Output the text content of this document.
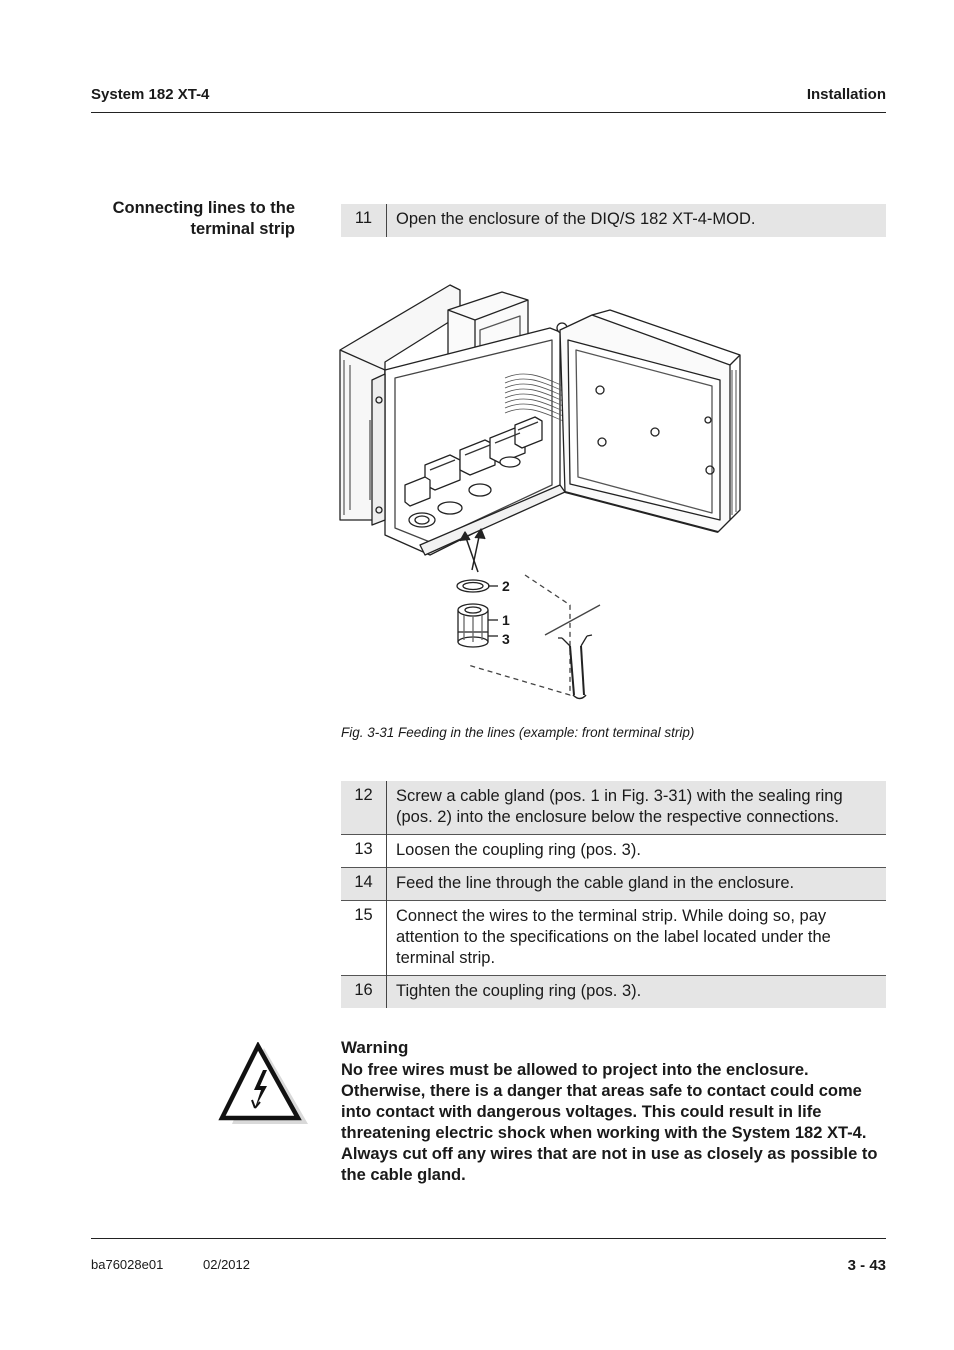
System 182 XT-4	Installation
Connecting lines to the
terminal strip
11	Open the enclosure of the DIQ/S 182 XT-4-MOD.
2
1
3
Fig. 3-31 Feeding in the lines (example: front terminal strip)
12	Screw a cable gland (pos. 1 in Fig. 3-31) with the sealing ring (pos. 2) into the enclosure below the respective connections.
13	Loosen the coupling ring (pos. 3).
14	Feed the line through the cable gland in the enclosure.
15	Connect the wires to the terminal strip. While doing so, pay attention to the specifications on the label located under the terminal strip.
16	Tighten the coupling ring (pos. 3).
Warning
No free wires must be allowed to project into the enclosure. Otherwise, there is a danger that areas safe to contact could come into contact with dangerous voltages. This could result in life threatening electric shock when working with the System 182 XT-4. Always cut off any wires that are not in use as closely as possible to the cable gland.
ba76028e01	02/2012	3 - 43
